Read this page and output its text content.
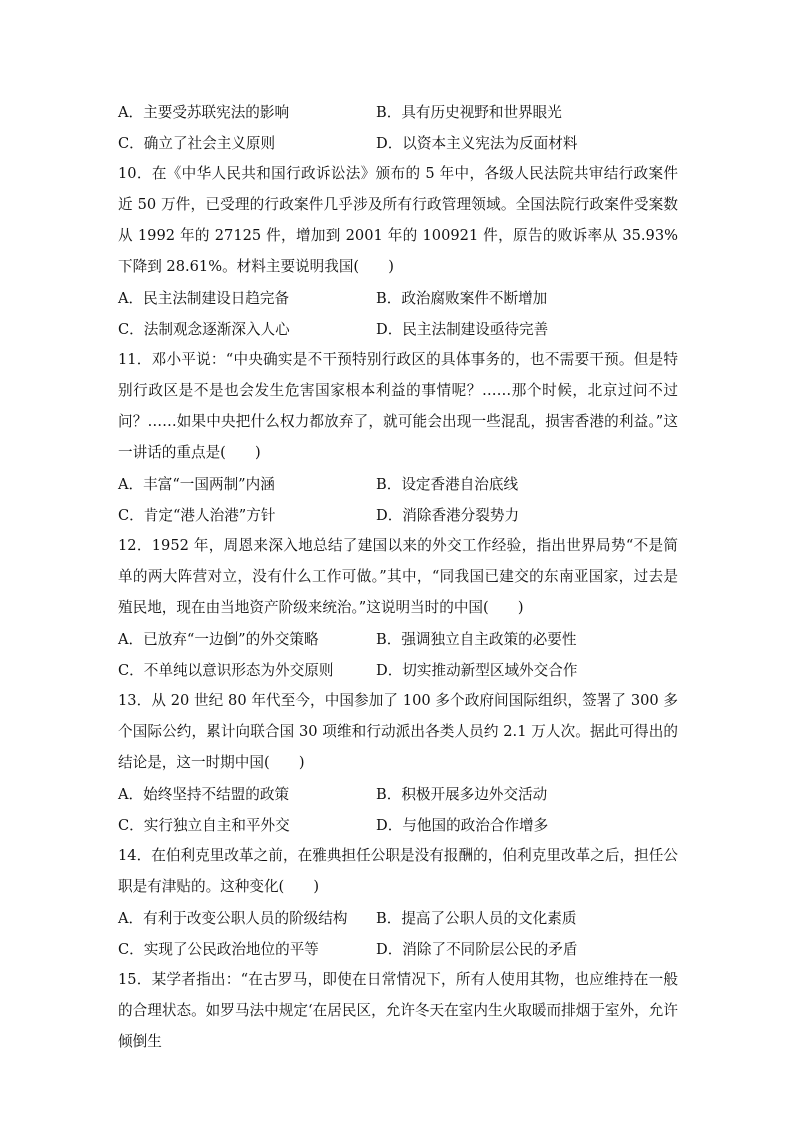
A．主要受苏联宪法的影响	B．具有历史视野和世界眼光
C．确立了社会主义原则	D．以资本主义宪法为反面材料
10．在《中华人民共和国行政诉讼法》颁布的 5 年中，各级人民法院共审结行政案件近 50 万件，已受理的行政案件几乎涉及所有行政管理领域。全国法院行政案件受案数从 1992 年的 27125 件，增加到 2001 年的 100921 件，原告的败诉率从 35.93%下降到 28.61%。材料主要说明我国(　　)
A．民主法制建设日趋完备	B．政治腐败案件不断增加
C．法制观念逐渐深入人心	D．民主法制建设亟待完善
11．邓小平说：“中央确实是不干预特别行政区的具体事务的，也不需要干预。但是特别行政区是不是也会发生危害国家根本利益的事情呢？……那个时候，北京过问不过问？……如果中央把什么权力都放弃了，就可能会出现一些混乱，损害香港的利益。”这一讲话的重点是(　　)
A．丰富“一国两制”内涵	B．设定香港自治底线
C．肯定“港人治港”方针	D．消除香港分裂势力
12．1952 年，周恩来深入地总结了建国以来的外交工作经验，指出世界局势“不是简单的两大阵营对立，没有什么工作可做。”其中，“同我国已建交的东南亚国家，过去是殖民地，现在由当地资产阶级来统治。”这说明当时的中国(　　)
A．已放弃“一边倒”的外交策略	B．强调独立自主政策的必要性
C．不单纯以意识形态为外交原则	D．切实推动新型区域外交合作
13．从 20 世纪 80 年代至今，中国参加了 100 多个政府间国际组织，签署了 300 多个国际公约，累计向联合国 30 项维和行动派出各类人员约 2.1 万人次。据此可得出的结论是，这一时期中国(　　)
A．始终坚持不结盟的政策	B．积极开展多边外交活动
C．实行独立自主和平外交	D．与他国的政治合作增多
14．在伯利克里改革之前，在雅典担任公职是没有报酬的，伯利克里改革之后，担任公职是有津贴的。这种变化(　　)
A．有利于改变公职人员的阶级结构	B．提高了公职人员的文化素质
C．实现了公民政治地位的平等	D．消除了不同阶层公民的矛盾
15．某学者指出：“在古罗马，即使在日常情况下，所有人使用其物，也应维持在一般的合理状态。如罗马法中规定‘在居民区，允许冬天在室内生火取暖而排烟于室外，允许倾倒生
